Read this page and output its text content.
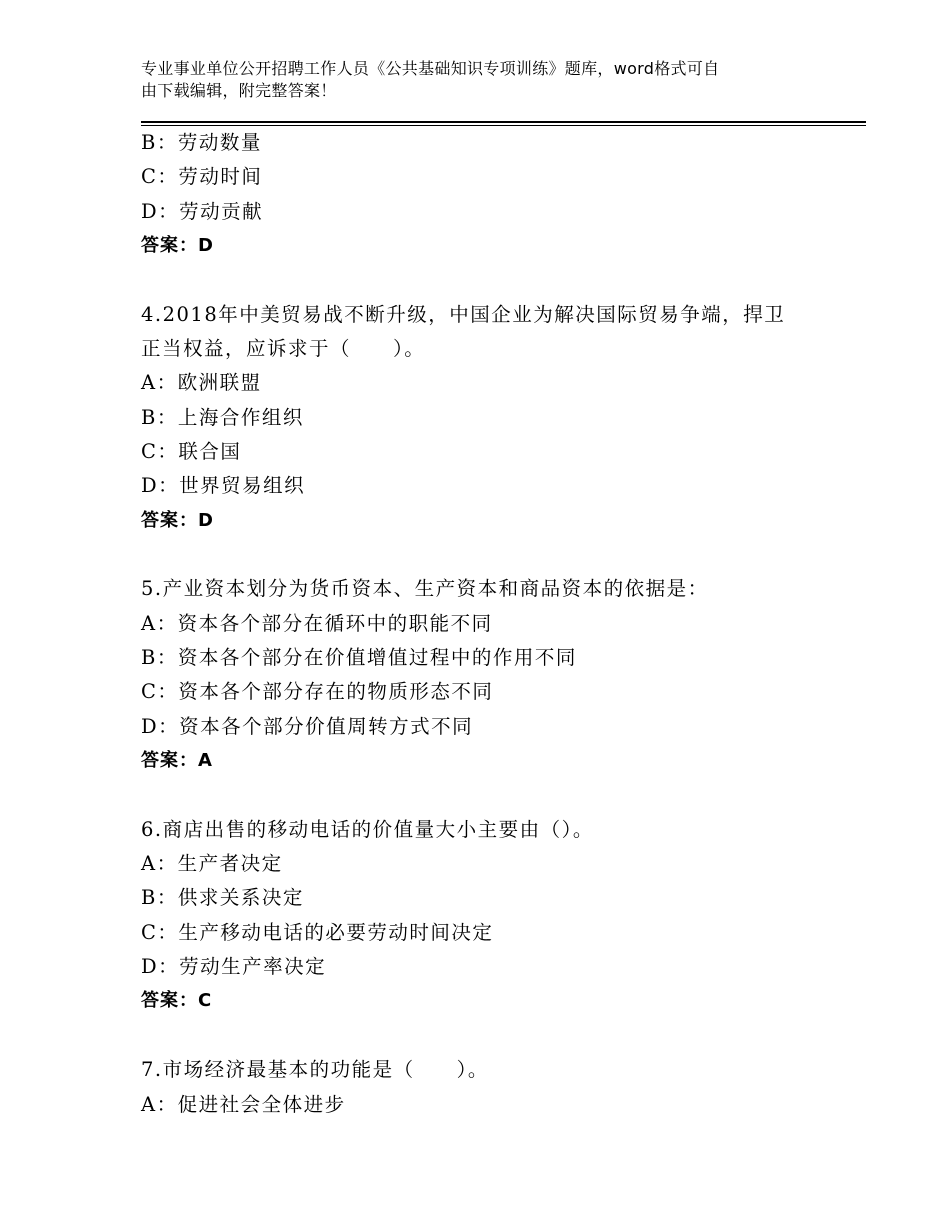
专业事业单位公开招聘工作人员《公共基础知识专项训练》题库，word格式可自
由下载编辑，附完整答案！
B：劳动数量
C：劳动时间
D：劳动贡献
答案：D
4.2018年中美贸易战不断升级，中国企业为解决国际贸易争端，捍卫
正当权益，应诉求于（　　）。
A：欧洲联盟
B：上海合作组织
C：联合国
D：世界贸易组织
答案：D
5.产业资本划分为货币资本、生产资本和商品资本的依据是：
A：资本各个部分在循环中的职能不同
B：资本各个部分在价值增值过程中的作用不同
C：资本各个部分存在的物质形态不同
D：资本各个部分价值周转方式不同
答案：A
6.商店出售的移动电话的价值量大小主要由（）。
A：生产者决定
B：供求关系决定
C：生产移动电话的必要劳动时间决定
D：劳动生产率决定
答案：C
7.市场经济最基本的功能是（　　）。
A：促进社会全体进步
